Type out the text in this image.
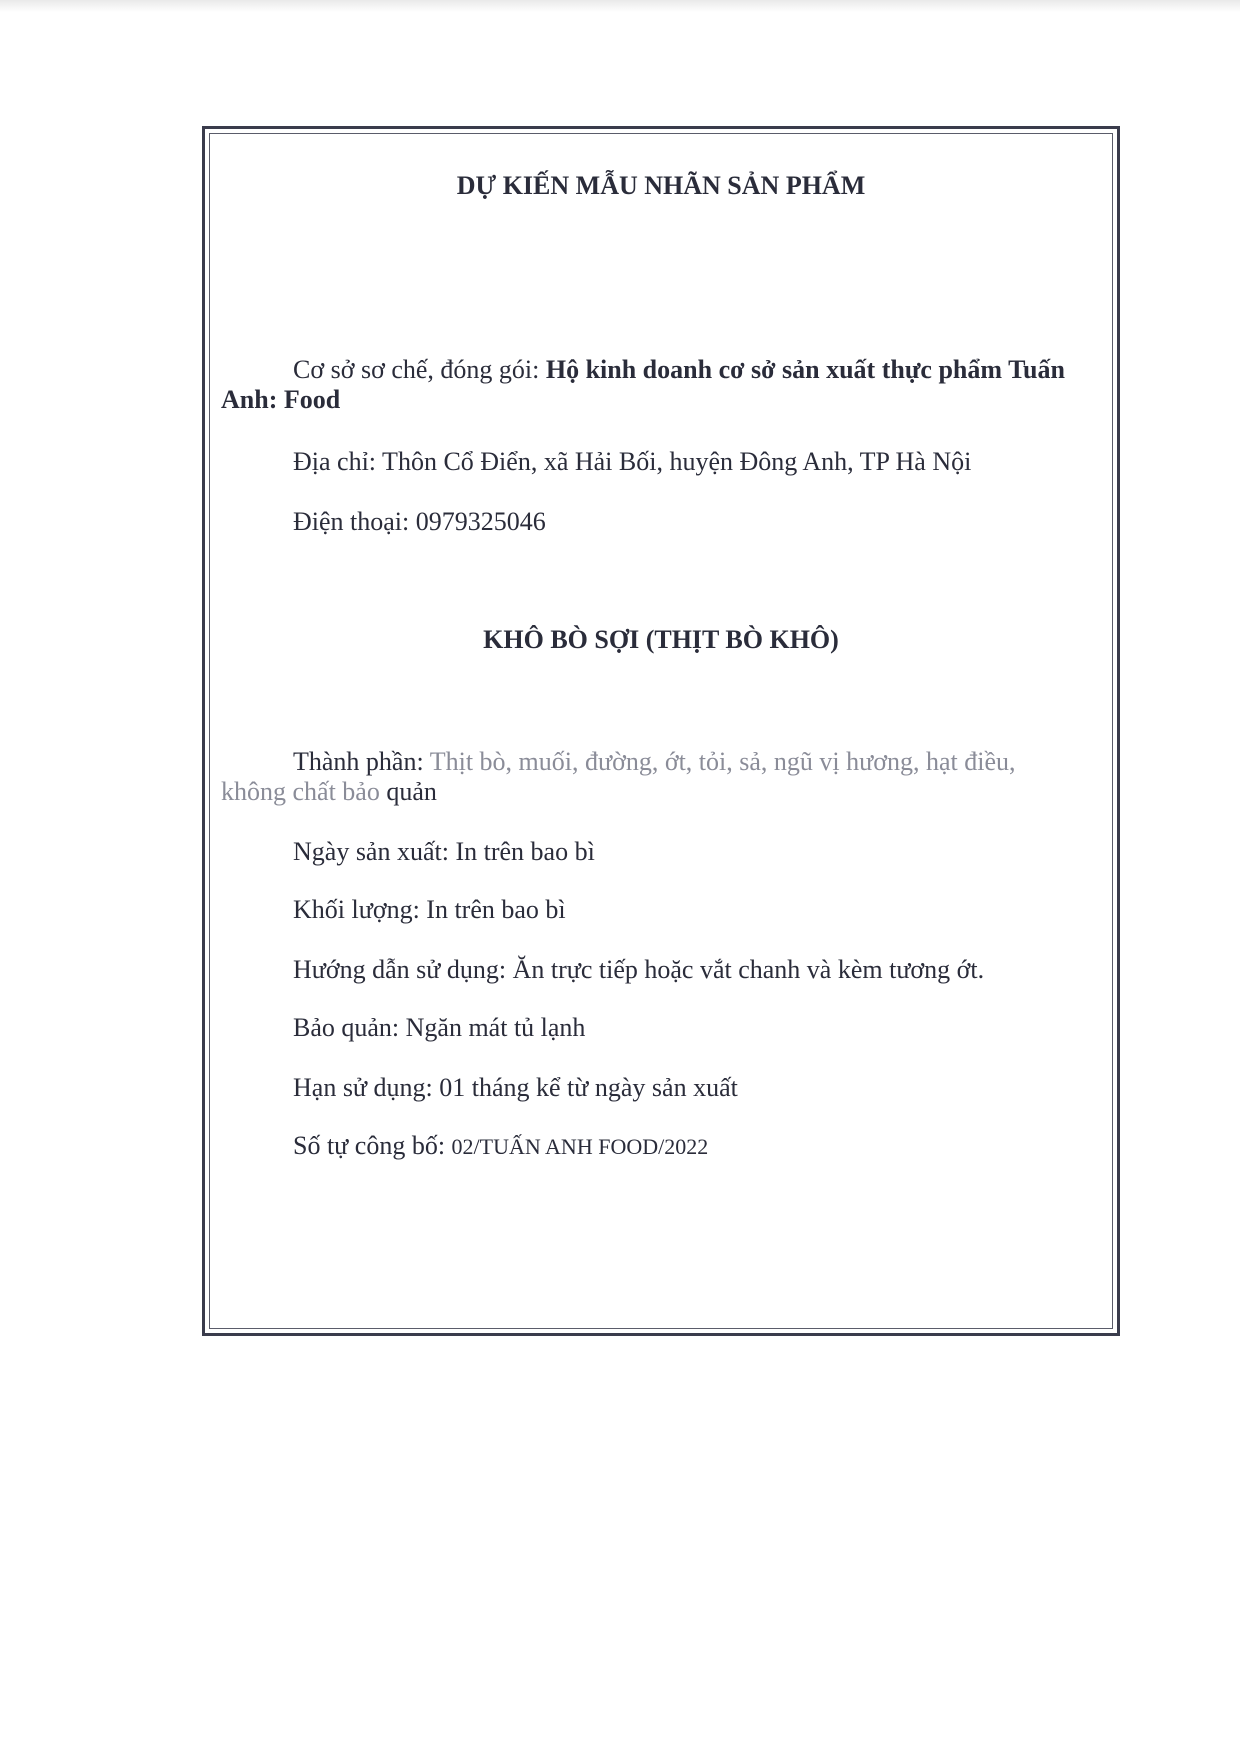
DỰ KIẾN MẪU NHÃN SẢN PHẨM
Cơ sở sơ chế, đóng gói: Hộ kinh doanh cơ sở sản xuất thực phẩm Tuấn
Anh: Food
Địa chỉ: Thôn Cổ Điển, xã Hải Bối, huyện Đông Anh, TP Hà Nội
Điện thoại: 0979325046
KHÔ BÒ SỢI (THỊT BÒ KHÔ)
Thành phần: Thịt bò, muối, đường, ớt, tỏi, sả, ngũ vị hương, hạt điều,
không chất bảo quản
Ngày sản xuất: In trên bao bì
Khối lượng: In trên bao bì
Hướng dẫn sử dụng: Ăn trực tiếp hoặc vắt chanh và kèm tương ớt.
Bảo quản: Ngăn mát tủ lạnh
Hạn sử dụng: 01 tháng kể từ ngày sản xuất
Số tự công bố: 02/TUẤN ANH FOOD/2022
